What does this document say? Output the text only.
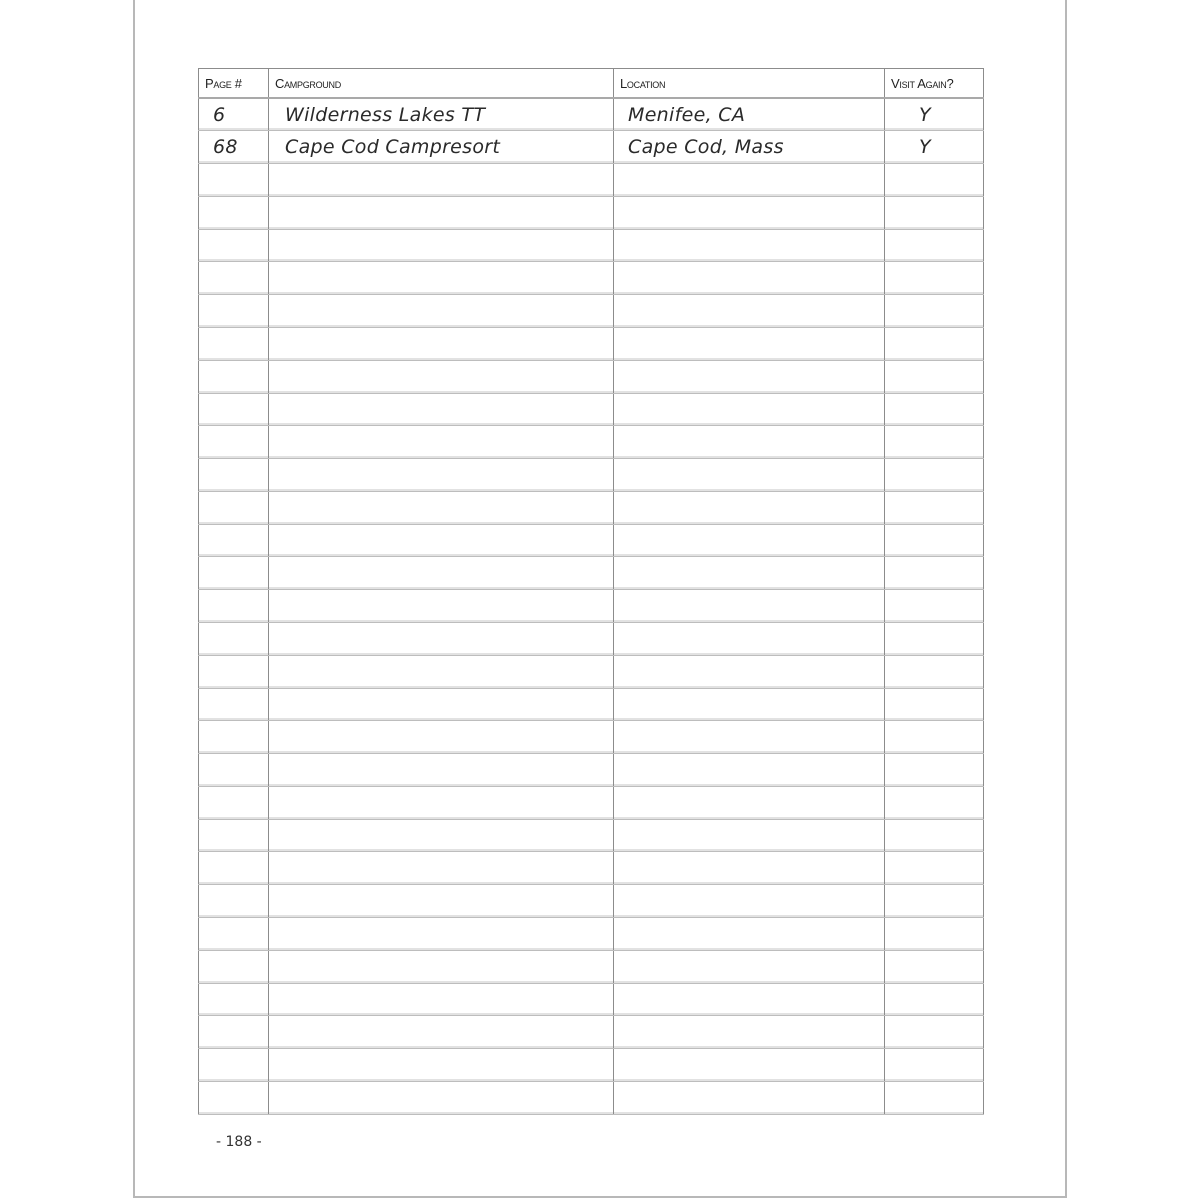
Page #	Campground	Location	Visit Again?
6	Wilderness Lakes TT	Menifee, CA	Y
68	Cape Cod Campresort	Cape Cod, Mass	Y

- 188 -
